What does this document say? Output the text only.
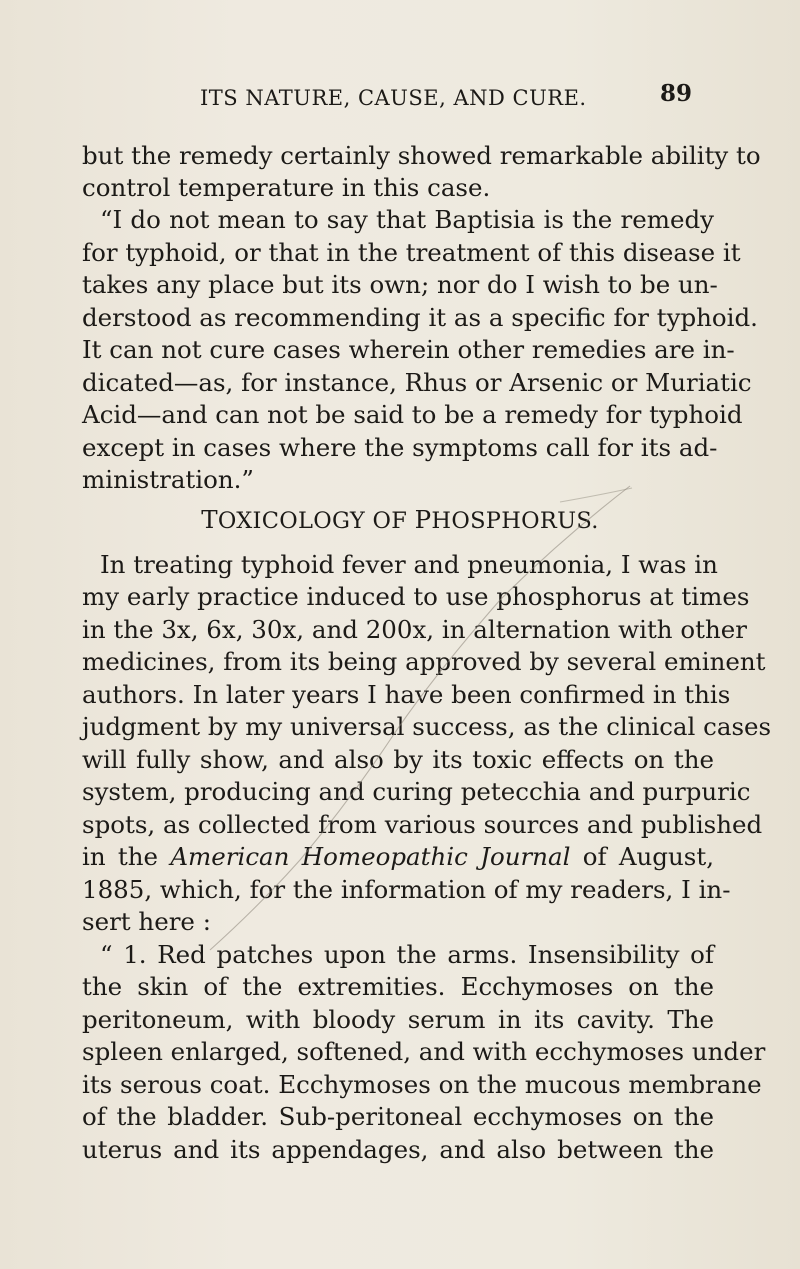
ITS NATURE, CAUSE, AND CURE.	89
but the remedy certainly showed remarkable ability to
control temperature in this case.
“I do not mean to say that Baptisia is the remedy
for typhoid, or that in the treatment of this disease it
takes any place but its own; nor do I wish to be un-
derstood as recommending it as a specific for typhoid.
It can not cure cases wherein other remedies are in-
dicated—as, for instance, Rhus or Arsenic or Muriatic
Acid—and can not be said to be a remedy for typhoid
except in cases where the symptoms call for its ad-
ministration.”
TOXICOLOGY OF PHOSPHORUS.
In treating typhoid fever and pneumonia, I was in
my early practice induced to use phosphorus at times
in the 3x, 6x, 30x, and 200x, in alternation with other
medicines, from its being approved by several eminent
authors. In later years I have been confirmed in this
judgment by my universal success, as the clinical cases
will fully show, and also by its toxic effects on the
system, producing and curing petecchia and purpuric
spots, as collected from various sources and published
in the American Homeopathic Journal of August,
1885, which, for the information of my readers, I in-
sert here :
“ 1. Red patches upon the arms. Insensibility of
the skin of the extremities. Ecchymoses on the
peritoneum, with bloody serum in its cavity. The
spleen enlarged, softened, and with ecchymoses under
its serous coat. Ecchymoses on the mucous membrane
of the bladder. Sub-peritoneal ecchymoses on the
uterus and its appendages, and also between the
